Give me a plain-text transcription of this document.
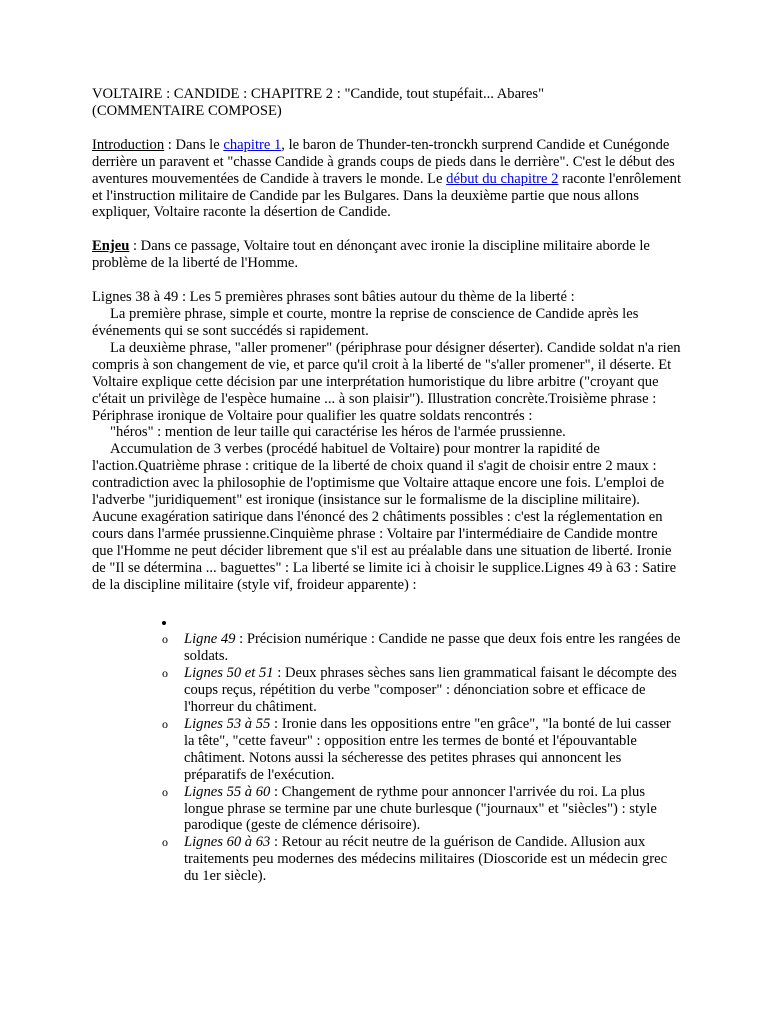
VOLTAIRE : CANDIDE : CHAPITRE 2 : "Candide, tout stupéfait... Abares"
(COMMENTAIRE COMPOSE)

Introduction : Dans le chapitre 1, le baron de Thunder-ten-tronckh surprend Candide et Cunégonde derrière un paravent et "chasse Candide à grands coups de pieds dans le derrière". C'est le début des aventures mouvementées de Candide à travers le monde. Le début du chapitre 2 raconte l'enrôlement et l'instruction militaire de Candide par les Bulgares. Dans la deuxième partie que nous allons expliquer, Voltaire raconte la désertion de Candide.

Enjeu : Dans ce passage, Voltaire tout en dénonçant avec ironie la discipline militaire aborde le problème de la liberté de l'Homme.

Lignes 38 à 49 : Les 5 premières phrases sont bâties autour du thème de la liberté :

La première phrase, simple et courte, montre la reprise de conscience de Candide après les événements qui se sont succédés si rapidement.

La deuxième phrase, "aller promener" (périphrase pour désigner déserter). Candide soldat n'a rien compris à son changement de vie, et parce qu'il croit à la liberté de "s'aller promener", il déserte. Et Voltaire explique cette décision par une interprétation humoristique du libre arbitre ("croyant que c'était un privilège de l'espèce humaine ... à son plaisir"). Illustration concrète.Troisième phrase : Périphrase ironique de Voltaire pour qualifier les quatre soldats rencontrés :

"héros" : mention de leur taille qui caractérise les héros de l'armée prussienne.

Accumulation de 3 verbes (procédé habituel de Voltaire) pour montrer la rapidité de l'action.Quatrième phrase : critique de la liberté de choix quand il s'agit de choisir entre 2 maux : contradiction avec la philosophie de l'optimisme que Voltaire attaque encore une fois. L'emploi de l'adverbe "juridiquement" est ironique (insistance sur le formalisme de la discipline militaire). Aucune exagération satirique dans l'énoncé des 2 châtiments possibles : c'est la réglementation en cours dans l'armée prussienne.Cinquième phrase : Voltaire par l'intermédiaire de Candide montre que l'Homme ne peut décider librement que s'il est au préalable dans une situation de liberté. Ironie de "Il se détermina ... baguettes" : La liberté se limite ici à choisir le supplice.Lignes 49 à 63 : Satire de la discipline militaire (style vif, froideur apparente) :

o Ligne 49 : Précision numérique : Candide ne passe que deux fois entre les rangées de soldats.
o Lignes 50 et 51 : Deux phrases sèches sans lien grammatical faisant le décompte des coups reçus, répétition du verbe "composer" : dénonciation sobre et efficace de l'horreur du châtiment.
o Lignes 53 à 55 : Ironie dans les oppositions entre "en grâce", "la bonté de lui casser la tête", "cette faveur" : opposition entre les termes de bonté et l'épouvantable châtiment. Notons aussi la sécheresse des petites phrases qui annoncent les préparatifs de l'exécution.
o Lignes 55 à 60 : Changement de rythme pour annoncer l'arrivée du roi. La plus longue phrase se termine par une chute burlesque ("journaux" et "siècles") : style parodique (geste de clémence dérisoire).
o Lignes 60 à 63 : Retour au récit neutre de la guérison de Candide. Allusion aux traitements peu modernes des médecins militaires (Dioscoride est un médecin grec du 1er siècle).
